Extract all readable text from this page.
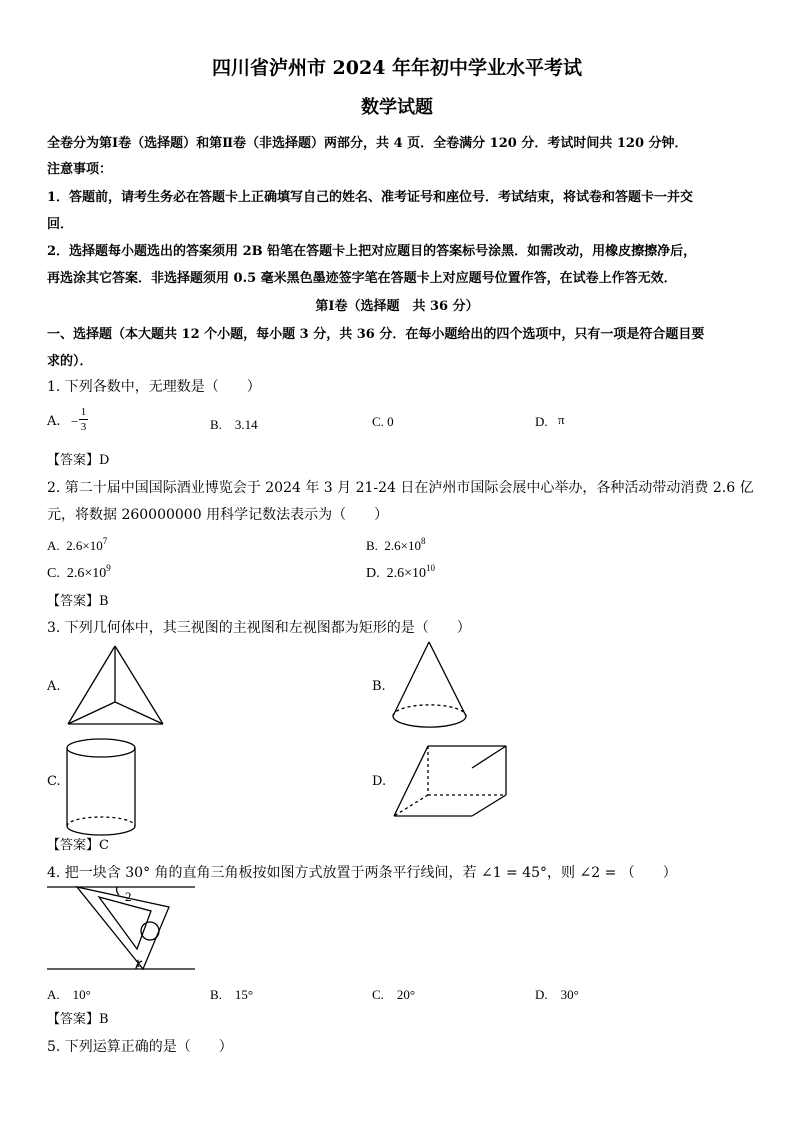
四川省泸州市 2024 年年初中学业水平考试
数学试题
全卷分为第Ⅰ卷（选择题）和第Ⅱ卷（非选择题）两部分，共 4 页．全卷满分 120 分．考试时间共 120 分钟．
注意事项：
1．答题前，请考生务必在答题卡上正确填写自己的姓名、准考证号和座位号．考试结束，将试卷和答题卡一并交
回．
2．选择题每小题选出的答案须用 2B 铅笔在答题卡上把对应题目的答案标号涂黑．如需改动，用橡皮擦擦净后，
再选涂其它答案．非选择题须用 0.5 毫米黑色墨迹签字笔在答题卡上对应题号位置作答，在试卷上作答无效．
第Ⅰ卷（选择题　共 36 分）
一、选择题（本大题共 12 个小题，每小题 3 分，共 36 分．在每小题给出的四个选项中，只有一项是符合题目要
求的）．
1. 下列各数中，无理数是（　　）
A. −
1
3	B.　3.14	C. 0	D. π
【答案】D
2. 第二十届中国国际酒业博览会于 2024 年 3 月 21-24 日在泸州市国际会展中心举办，各种活动带动消费 2.6 亿
元，将数据 260000000 用科学记数法表示为（　　）
A. $2.6\times 10^7$	B. $2.6\times 10^8$
C. $2.6\times 10^9$	D. $2.6\times 10^{10}$
【答案】B
3. 下列几何体中，其三视图的主视图和左视图都为矩形的是（　　）
A.	B.
C.	D.
【答案】C
4. 把一块含 30° 角的直角三角板按如图方式放置于两条平行线间，若 ∠1 = 45°，则 ∠2 = （　　）
2
1
A.　10°	B.　15°	C.　20°	D.　30°
【答案】B
5. 下列运算正确的是（　　）
